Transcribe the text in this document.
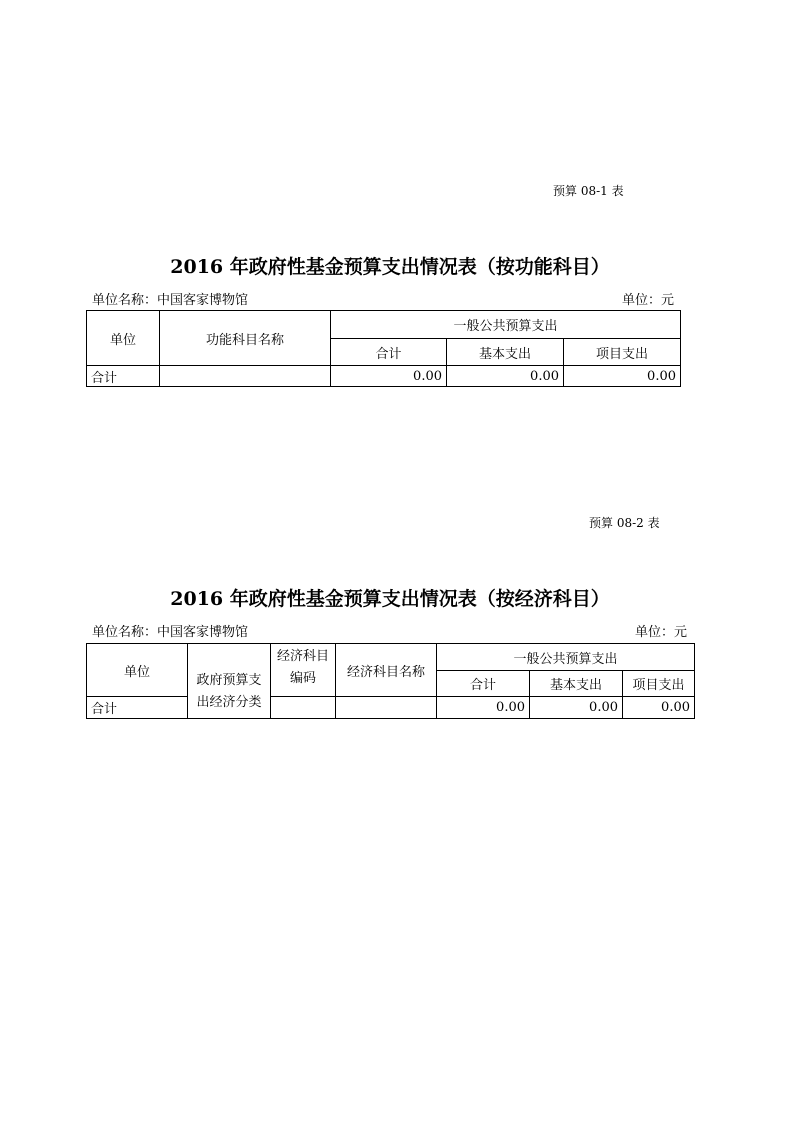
预算 08-1 表
2016 年政府性基金预算支出情况表（按功能科目）
单位名称：中国客家博物馆	单位：元
单位	功能科目名称	一般公共预算支出		
		合计	基本支出	项目支出
合计		0.00	0.00	0.00
预算 08-2 表
2016 年政府性基金预算支出情况表（按经济科目）
单位名称：中国客家博物馆	单位：元
单位	政府预算支出经济分类	经济科目编码	经济科目名称	一般公共预算支出		
				合计	基本支出	项目支出
合计				0.00	0.00	0.00
